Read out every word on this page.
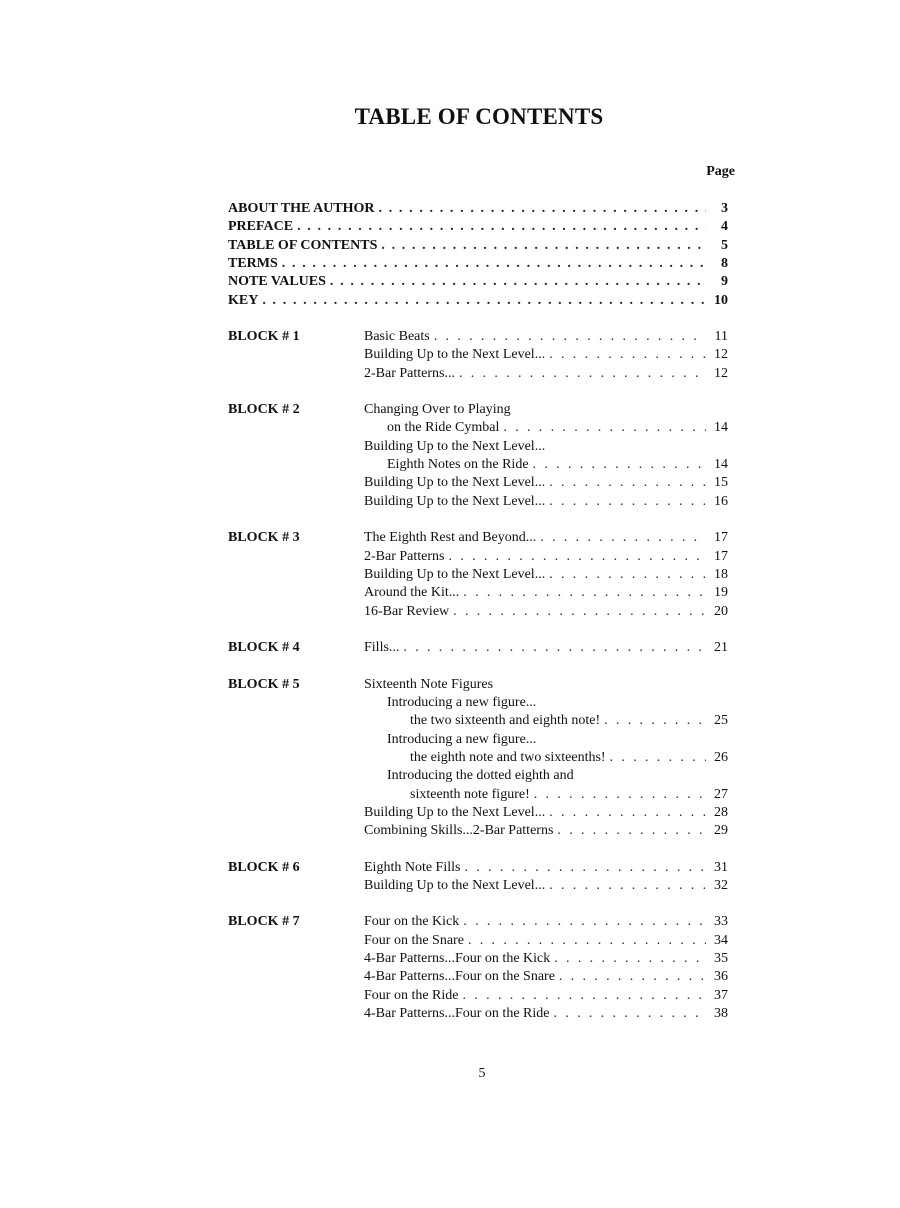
TABLE OF CONTENTS
Page
ABOUT THE AUTHOR . . .	3
PREFACE . . .	4
TABLE OF CONTENTS . . .	5
TERMS . . .	8
NOTE VALUES . . .	9
KEY . . .	10
BLOCK # 1	Basic Beats . . .	11
Building Up to the Next Level... . . .	12
2-Bar Patterns... . . .	12
BLOCK # 2	Changing Over to Playing
on the Ride Cymbal . . .	14
Building Up to the Next Level...
Eighth Notes on the Ride . . .	14
Building Up to the Next Level... . . .	15
Building Up to the Next Level... . . .	16
BLOCK # 3	The Eighth Rest and Beyond... . . .	17
2-Bar Patterns . . .	17
Building Up to the Next Level... . . .	18
Around the Kit... . . .	19
16-Bar Review . . .	20
BLOCK # 4	Fills... . . .	21
BLOCK # 5	Sixteenth Note Figures
Introducing a new figure...
the two sixteenth and eighth note! . . .	25
Introducing a new figure...
the eighth note and two sixteenths! . . .	26
Introducing the dotted eighth and
sixteenth note figure! . . .	27
Building Up to the Next Level... . . .	28
Combining Skills...2-Bar Patterns . . .	29
BLOCK # 6	Eighth Note Fills . . .	31
Building Up to the Next Level... . . .	32
BLOCK # 7	Four on the Kick . . .	33
Four on the Snare . . .	34
4-Bar Patterns...Four on the Kick . . .	35
4-Bar Patterns...Four on the Snare . . .	36
Four on the Ride . . .	37
4-Bar Patterns...Four on the Ride . . .	38
5
